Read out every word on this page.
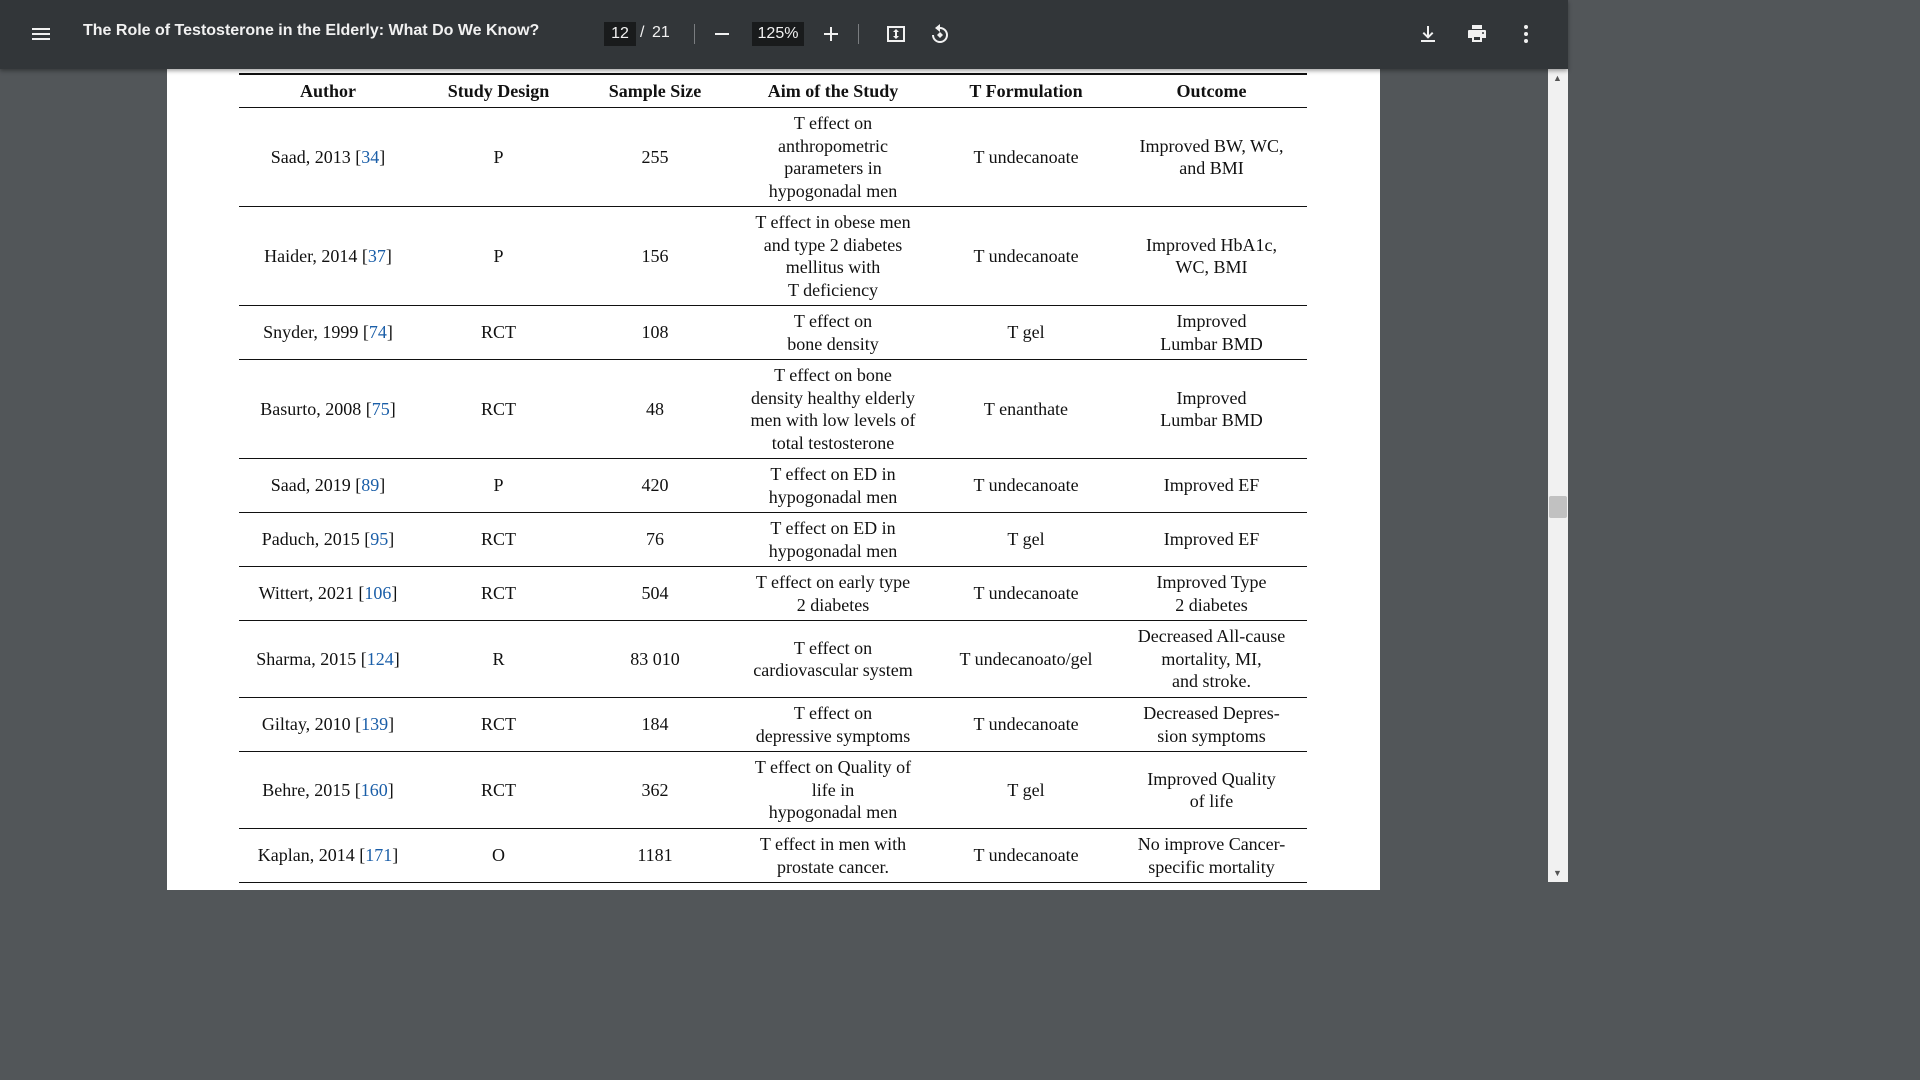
The Role of Testosterone in the Elderly: What Do We Know?
12	/ 21
125%
Author	Study Design	Sample Size	Aim of the Study	T Formulation	Outcome
Saad, 2013 [34]	P	255	T effect on
anthropometric
parameters in
hypogonadal men	T undecanoate	Improved BW, WC,
and BMI
Haider, 2014 [37]	P	156	T effect in obese men
and type 2 diabetes
mellitus with
T deficiency	T undecanoate	Improved HbA1c,
WC, BMI
Snyder, 1999 [74]	RCT	108	T effect on
bone density	T gel	Improved
Lumbar BMD
Basurto, 2008 [75]	RCT	48	T effect on bone
density healthy elderly
men with low levels of
total testosterone	T enanthate	Improved
Lumbar BMD
Saad, 2019 [89]	P	420	T effect on ED in
hypogonadal men	T undecanoate	Improved EF
Paduch, 2015 [95]	RCT	76	T effect on ED in
hypogonadal men	T gel	Improved EF
Wittert, 2021 [106]	RCT	504	T effect on early type
2 diabetes	T undecanoate	Improved Type
2 diabetes
Sharma, 2015 [124]	R	83 010	T effect on
cardiovascular system	T undecanoato/gel	Decreased All-cause
mortality, MI,
and stroke.
Giltay, 2010 [139]	RCT	184	T effect on
depressive symptoms	T undecanoate	Decreased Depres-
sion symptoms
Behre, 2015 [160]	RCT	362	T effect on Quality of
life in
hypogonadal men	T gel	Improved Quality
of life
Kaplan, 2014 [171]	O	1181	T effect in men with
prostate cancer.	T undecanoate	No improve Cancer-
specific mortality
▲
▼
